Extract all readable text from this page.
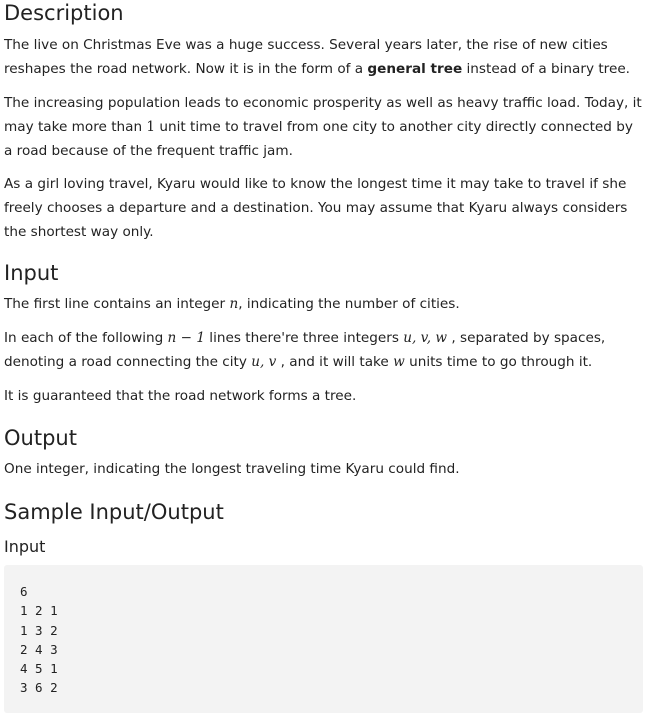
Description

The live on Christmas Eve was a huge success. Several years later, the rise of new cities reshapes the road network. Now it is in the form of a general tree instead of a binary tree.

The increasing population leads to economic prosperity as well as heavy traffic load. Today, it may take more than 1 unit time to travel from one city to another city directly connected by a road because of the frequent traffic jam.

As a girl loving travel, Kyaru would like to know the longest time it may take to travel if she freely chooses a departure and a destination. You may assume that Kyaru always considers the shortest way only.

Input

The first line contains an integer n, indicating the number of cities.

In each of the following n − 1 lines there're three integers u, v, w , separated by spaces, denoting a road connecting the city u, v , and it will take w units time to go through it.

It is guaranteed that the road network forms a tree.

Output

One integer, indicating the longest traveling time Kyaru could find.

Sample Input/Output
Input
6
1 2 1
1 3 2
2 4 3
4 5 1
3 6 2
